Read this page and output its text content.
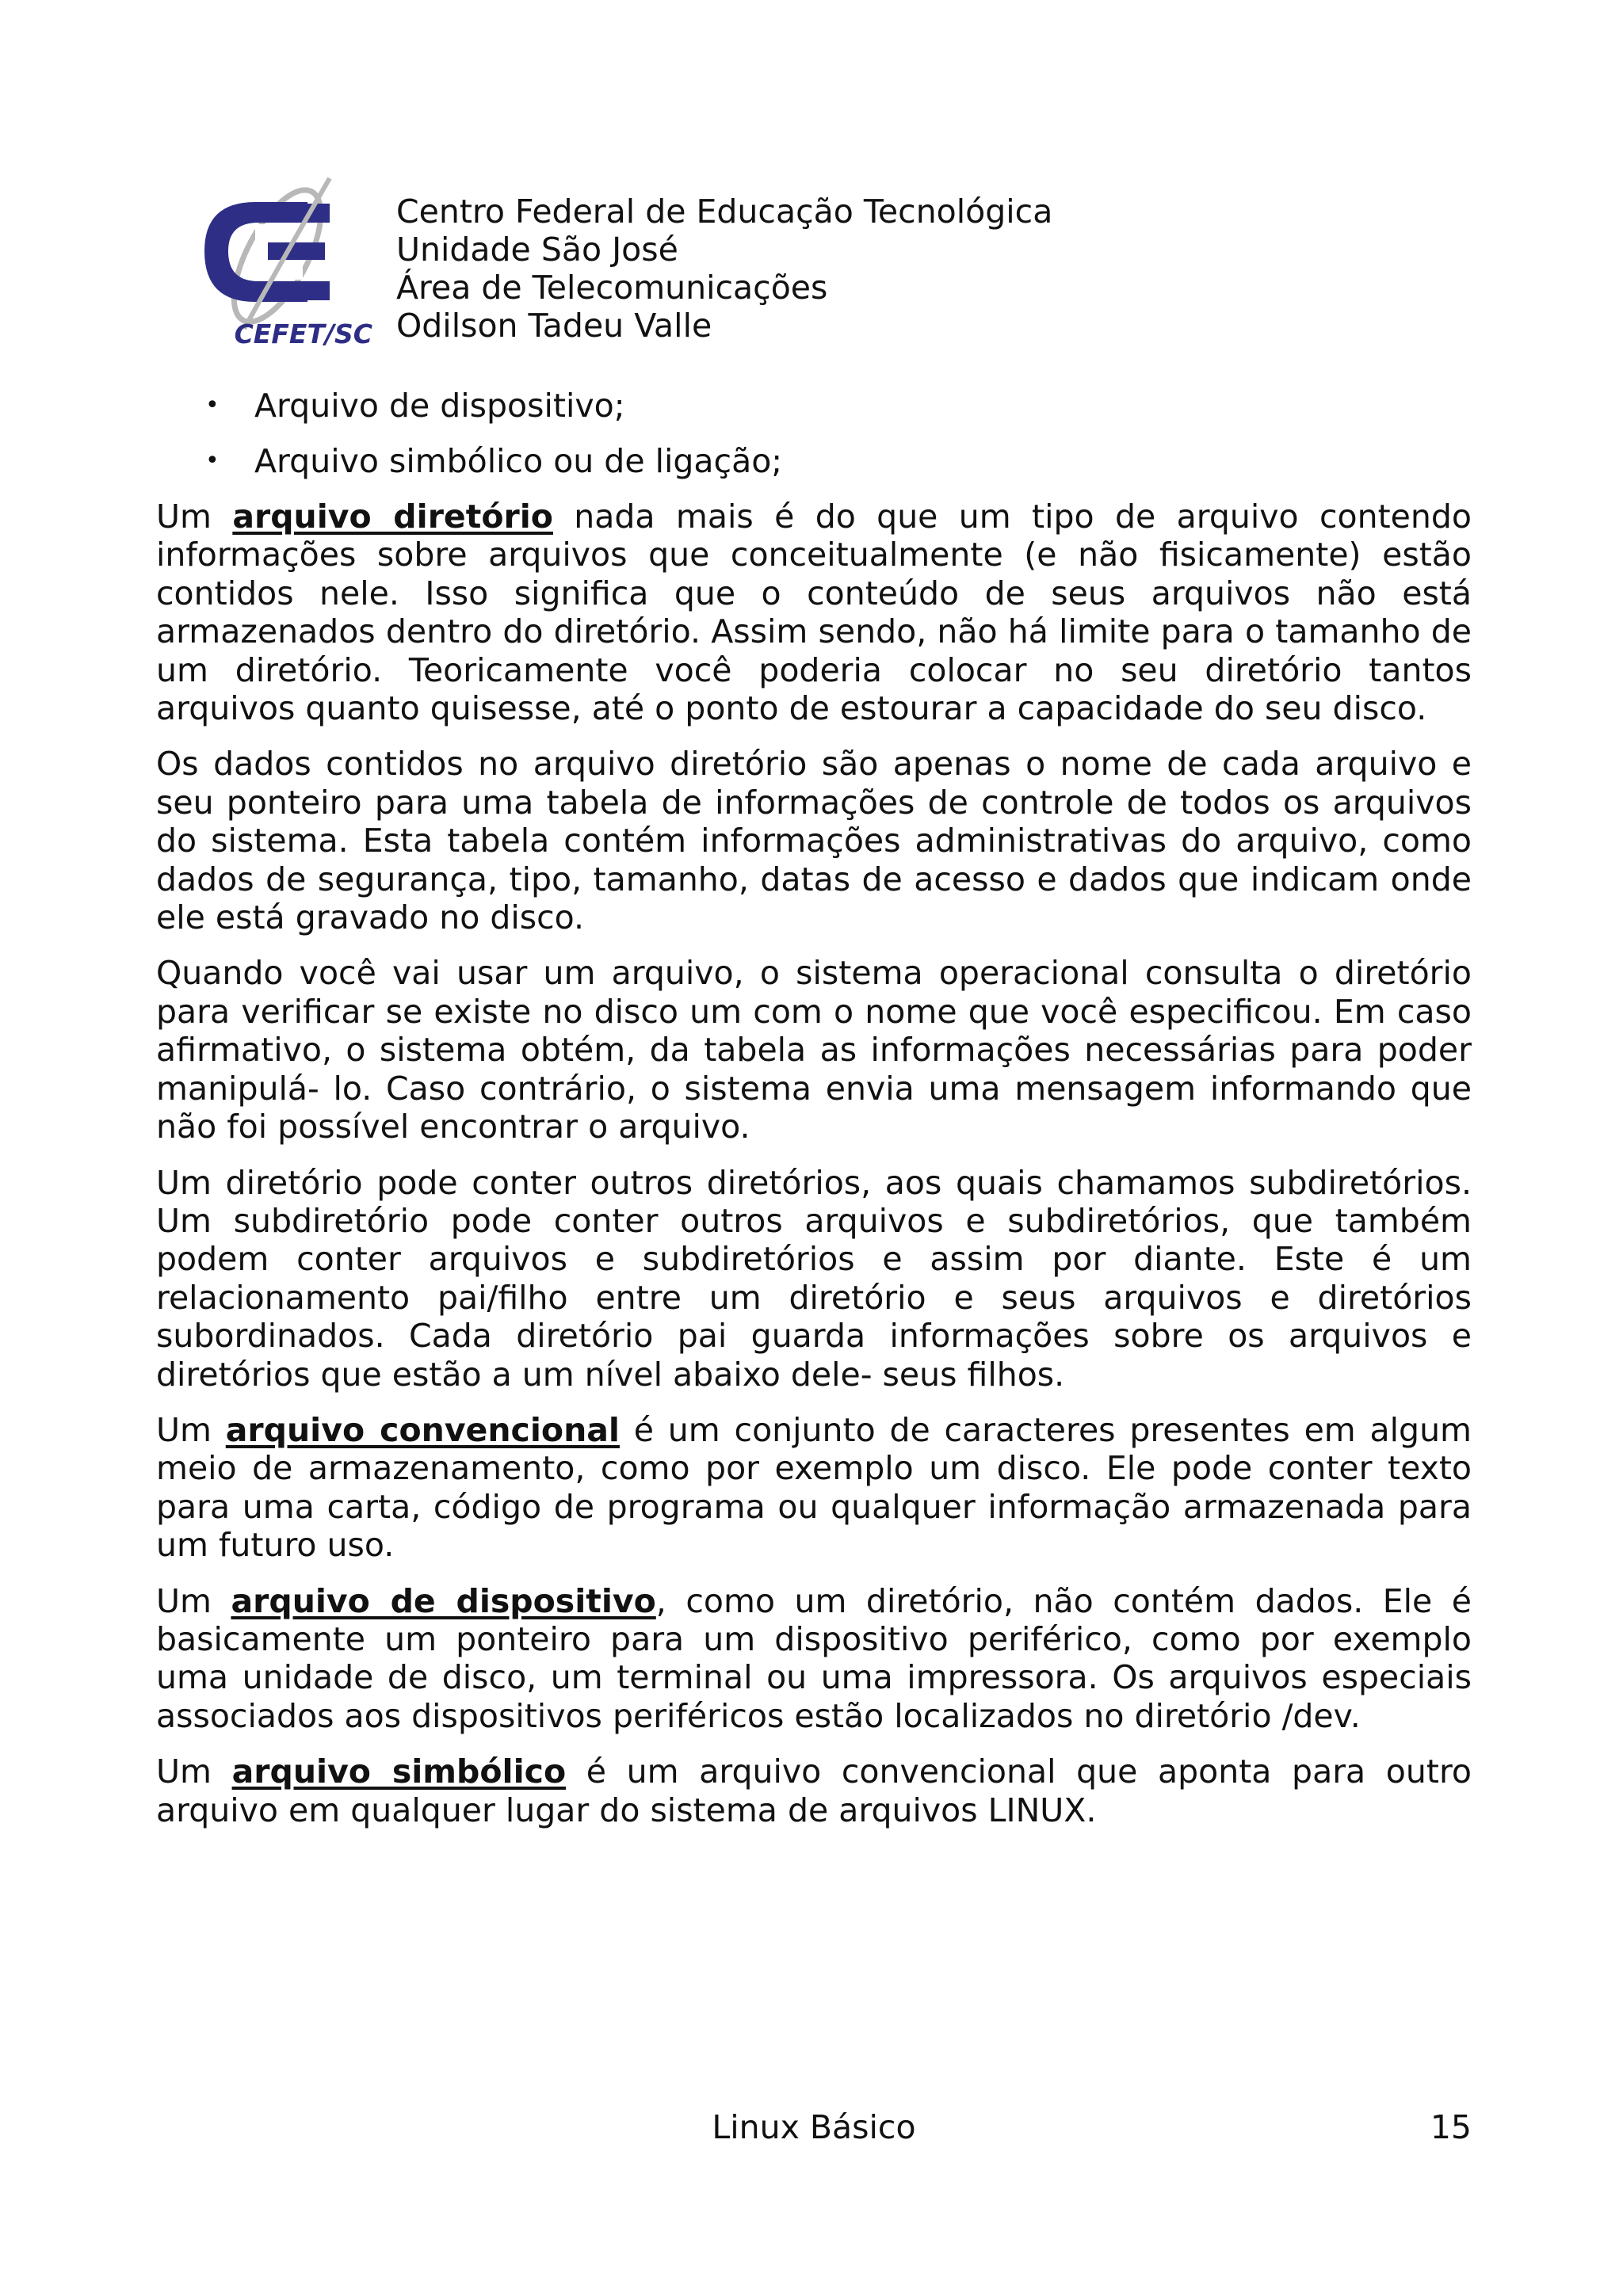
CEFET/SC
Centro Federal de Educação Tecnológica
Unidade São José
Área de Telecomunicações
Odilson Tadeu Valle
• Arquivo de dispositivo;
• Arquivo simbólico ou de ligação;

Um arquivo diretório nada mais é do que um tipo de arquivo contendo informações sobre arquivos que conceitualmente (e não fisicamente) estão contidos nele. Isso significa que o conteúdo de seus arquivos não está armazenados dentro do diretório. Assim sendo, não há limite para o tamanho de um diretório. Teoricamente você poderia colocar no seu diretório tantos arquivos quanto quisesse, até o ponto de estourar a capacidade do seu disco.

Os dados contidos no arquivo diretório são apenas o nome de cada arquivo e seu ponteiro para uma tabela de informações de controle de todos os arquivos do sistema. Esta tabela contém informações administrativas do arquivo, como dados de segurança, tipo, tamanho, datas de acesso e dados que indicam onde ele está gravado no disco.

Quando você vai usar um arquivo, o sistema operacional consulta o diretório para verificar se existe no disco um com o nome que você especificou. Em caso afirmativo, o sistema obtém, da tabela as informações necessárias para poder manipulá- lo. Caso contrário, o sistema envia uma mensagem informando que não foi possível encontrar o arquivo.

Um diretório pode conter outros diretórios, aos quais chamamos subdiretórios. Um subdiretório pode conter outros arquivos e subdiretórios, que também podem conter arquivos e subdiretórios e assim por diante. Este é um relacionamento pai/filho entre um diretório e seus arquivos e diretórios subordinados. Cada diretório pai guarda informações sobre os arquivos e diretórios que estão a um nível abaixo dele- seus filhos.

Um arquivo convencional é um conjunto de caracteres presentes em algum meio de armazenamento, como por exemplo um disco. Ele pode conter texto para uma carta, código de programa ou qualquer informação armazenada para um futuro uso.

Um arquivo de dispositivo, como um diretório, não contém dados. Ele é basicamente um ponteiro para um dispositivo periférico, como por exemplo uma unidade de disco, um terminal ou uma impressora. Os arquivos especiais associados aos dispositivos periféricos estão localizados no diretório /dev.

Um arquivo simbólico é um arquivo convencional que aponta para outro arquivo em qualquer lugar do sistema de arquivos LINUX.

Linux Básico	15
